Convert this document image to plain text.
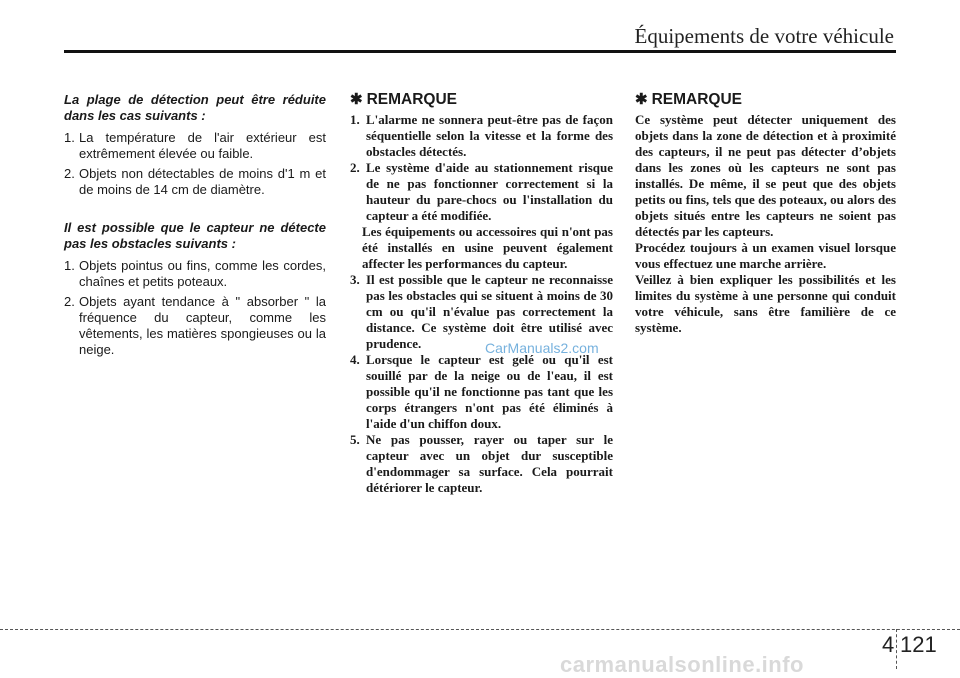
Équipements de votre véhicule
La plage de détection peut être réduite dans les cas suivants :
1. La température de l'air extérieur est extrêmement élevée ou faible.
2. Objets non détectables de moins d'1 m et de moins de 14 cm de diamètre.
Il est possible que le capteur ne détecte pas les obstacles suivants :
1. Objets pointus ou fins, comme les cordes, chaînes et petits poteaux.
2. Objets ayant tendance à " absorber " la fréquence du capteur, comme les vêtements, les matières spongieuses ou la neige.
✱ REMARQUE
1. L'alarme ne sonnera peut-être pas de façon séquentielle selon la vitesse et la forme des obstacles détectés.
2. Le système d'aide au stationnement risque de ne pas fonctionner correctement si la hauteur du pare-chocs ou l'installation du capteur a été modifiée.
Les équipements ou accessoires qui n'ont pas été installés en usine peuvent également affecter les performances du capteur.
3. Il est possible que le capteur ne reconnaisse pas les obstacles qui se situent à moins de 30 cm ou qu'il n'évalue pas correctement la distance. Ce système doit être utilisé avec prudence.
4. Lorsque le capteur est gelé ou qu'il est souillé par de la neige ou de l'eau, il est possible qu'il ne fonctionne pas tant que les corps étrangers n'ont pas été éliminés à l'aide d'un chiffon doux.
5. Ne pas pousser, rayer ou taper sur le capteur avec un objet dur susceptible d'endommager sa surface. Cela pourrait détériorer le capteur.
✱ REMARQUE

Ce système peut détecter uniquement des objets dans la zone de détection et à proximité des capteurs, il ne peut pas détecter d’objets dans les zones où les capteurs ne sont pas installés. De même, il se peut que des objets petits ou fins, tels que des poteaux, ou alors des objets situés entre les capteurs ne soient pas détectés par les capteurs.

Procédez toujours à un examen visuel lorsque vous effectuez une marche arrière.

Veillez à bien expliquer les possibilités et les limites du système à une personne qui conduit votre véhicule, sans être familière de ce système.

CarManuals2.com
4 121
carmanualsonline.info
